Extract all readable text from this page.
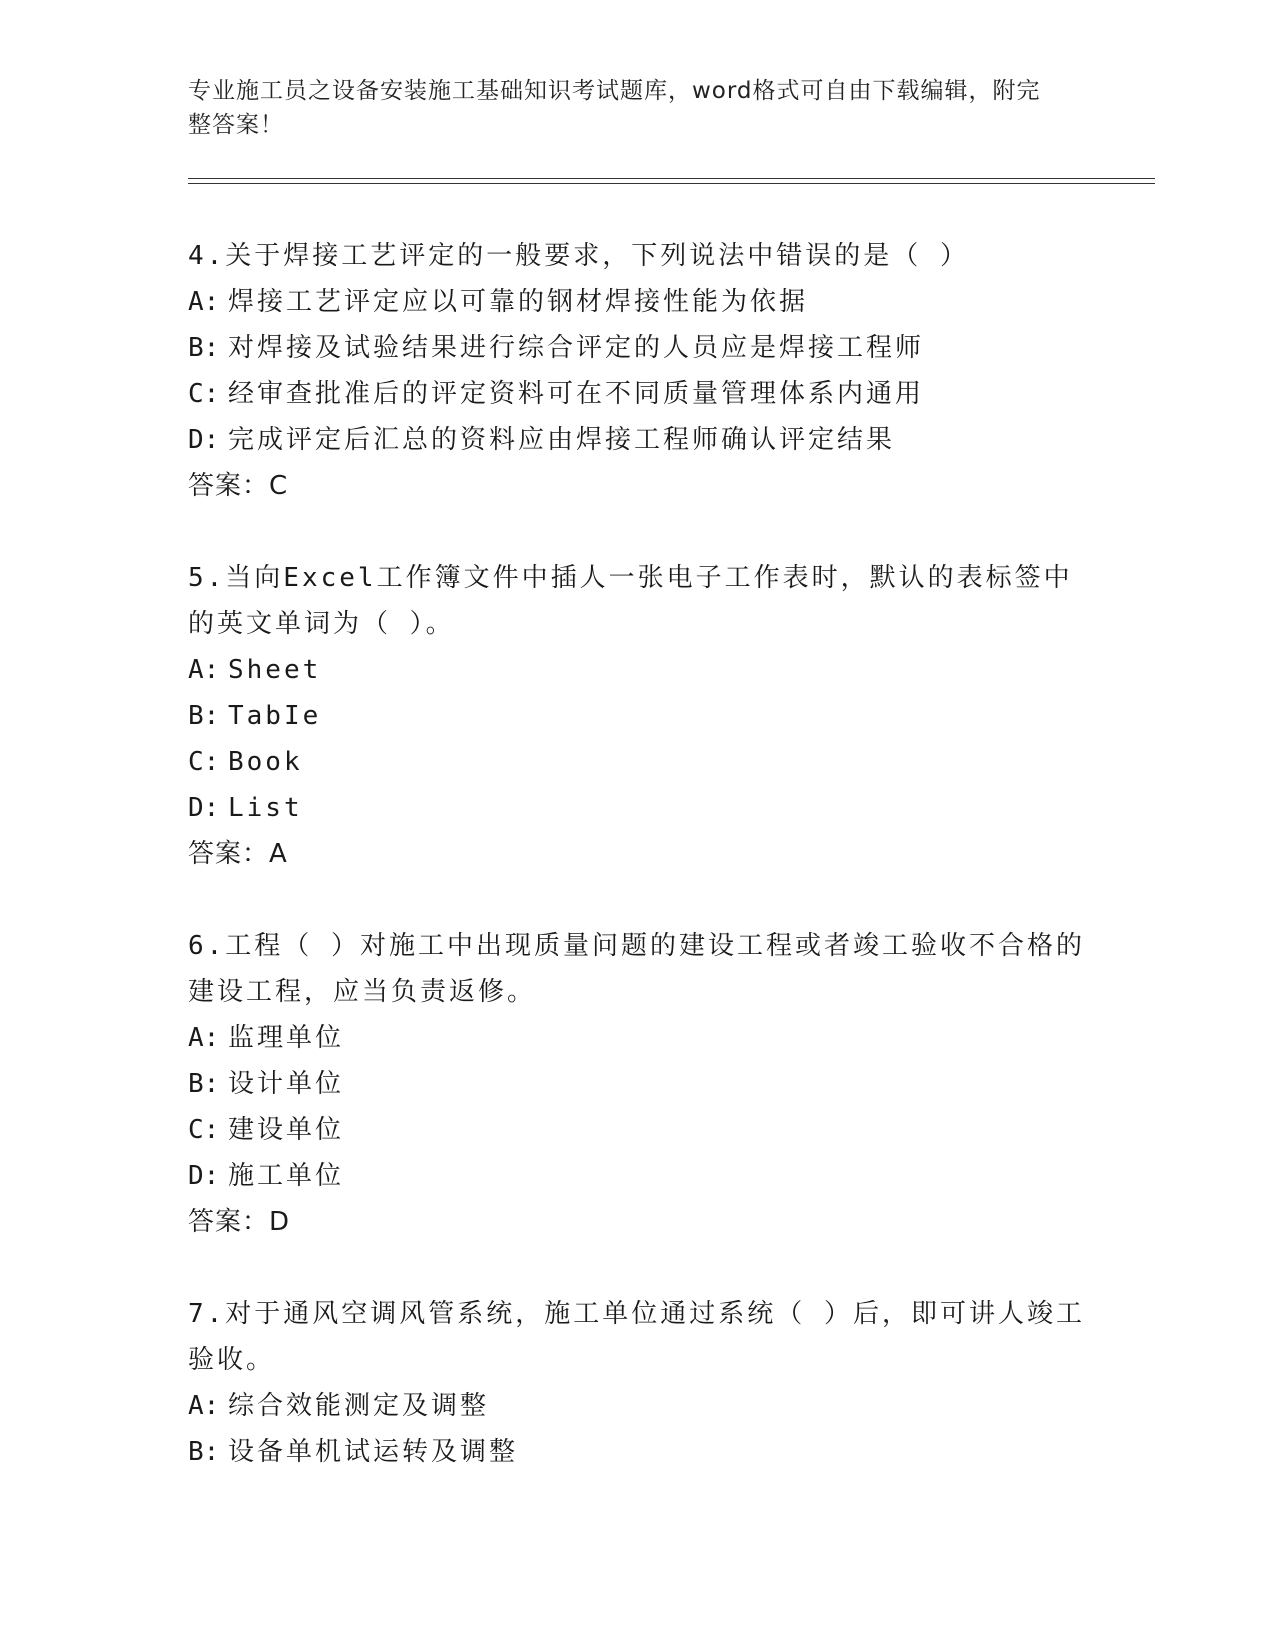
专业施工员之设备安装施工基础知识考试题库，word格式可自由下载编辑，附完
整答案！
4.关于焊接工艺评定的一般要求，下列说法中错误的是（ ）
A: 焊接工艺评定应以可靠的钢材焊接性能为依据
B: 对焊接及试验结果进行综合评定的人员应是焊接工程师
C: 经审查批准后的评定资料可在不同质量管理体系内通用
D: 完成评定后汇总的资料应由焊接工程师确认评定结果
答案：C
5.当向Excel工作簿文件中插人一张电子工作表时，默认的表标签中
的英文单词为（ ）。
A: Sheet
B: TabIe
C: Book
D: List
答案：A
6.工程（ ）对施工中出现质量问题的建设工程或者竣工验收不合格的
建设工程，应当负责返修。
A: 监理单位
B: 设计单位
C: 建设单位
D: 施工单位
答案：D
7.对于通风空调风管系统，施工单位通过系统（ ）后，即可讲人竣工
验收。
A: 综合效能测定及调整
B: 设备单机试运转及调整
